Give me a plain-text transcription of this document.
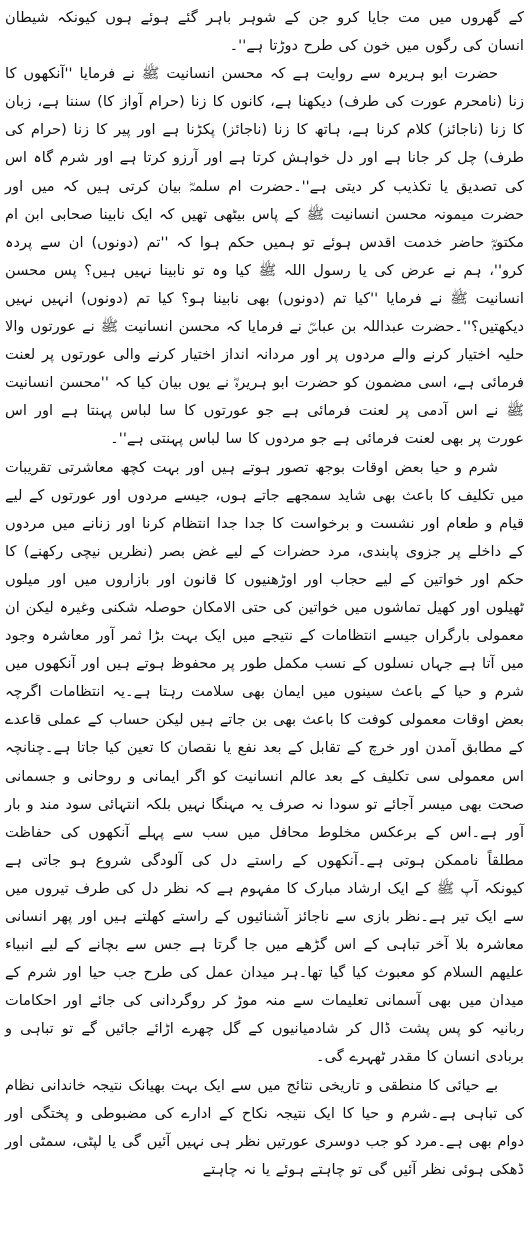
کے گھروں میں مت جایا کرو جن کے شوہر باہر گئے ہوئے ہوں کیونکہ شیطان انسان کی رگوں میں خون کی طرح دوڑتا ہے''۔

حضرت ابو ہریرہ سے روایت ہے کہ محسن انسانیت ﷺ نے فرمایا ''آنکھوں کا زنا (نامحرم عورت کی طرف) دیکھنا ہے، کانوں کا زنا (حرام آواز کا) سننا ہے، زبان کا زنا (ناجائز) کلام کرنا ہے، ہاتھ کا زنا (ناجائز) پکڑنا ہے اور پیر کا زنا (حرام کی طرف) چل کر جانا ہے اور دل خواہش کرتا ہے اور آرزو کرتا ہے اور شرم گاہ اس کی تصدیق یا تکذیب کر دیتی ہے''۔حضرت ام سلمہؓ بیان کرتی ہیں کہ میں اور حضرت میمونہ محسن انسانیت ﷺ کے پاس بیٹھی تھیں کہ ایک نابینا صحابی ابن ام مکتومؓ حاضر خدمت اقدس ہوئے تو ہمیں حکم ہوا کہ ''تم (دونوں) ان سے پردہ کرو''، ہم نے عرض کی یا رسول اللہ ﷺ کیا وہ تو نابینا نہیں ہیں؟ پس محسن انسانیت ﷺ نے فرمایا ''کیا تم (دونوں) بھی نابینا ہو؟ کیا تم (دونوں) انہیں نہیں دیکھتیں؟''۔حضرت عبداللہ بن عباسؓ نے فرمایا کہ محسن انسانیت ﷺ نے عورتوں والا حلیہ اختیار کرنے والے مردوں پر اور مردانہ انداز اختیار کرنے والی عورتوں پر لعنت فرمائی ہے، اسی مضمون کو حضرت ابو ہریرہؓ نے یوں بیان کیا کہ ''محسن انسانیت ﷺ نے اس آدمی پر لعنت فرمائی ہے جو عورتوں کا سا لباس پہنتا ہے اور اس عورت پر بھی لعنت فرمائی ہے جو مردوں کا سا لباس پہنتی ہے''۔

شرم و حیا بعض اوقات بوجھ تصور ہوتے ہیں اور بہت کچھ معاشرتی تقریبات میں تکلیف کا باعث بھی شاید سمجھے جاتے ہوں، جیسے مردوں اور عورتوں کے لیے قیام و طعام اور نشست و برخواست کا جدا جدا انتظام کرنا اور زنانے میں مردوں کے داخلے پر جزوی پابندی، مرد حضرات کے لیے غض بصر (نظریں نیچی رکھنے) کا حکم اور خواتین کے لیے حجاب اور اوڑھنیوں کا قانون اور بازاروں میں اور میلوں ٹھیلوں اور کھیل تماشوں میں خواتین کی حتی الامکان حوصلہ شکنی وغیرہ لیکن ان معمولی بارگراں جیسے انتظامات کے نتیجے میں ایک بہت بڑا ثمر آور معاشرہ وجود میں آتا ہے جہاں نسلوں کے نسب مکمل طور پر محفوظ ہوتے ہیں اور آنکھوں میں شرم و حیا کے باعث سینوں میں ایمان بھی سلامت رہتا ہے۔یہ انتظامات اگرچہ بعض اوقات معمولی کوفت کا باعث بھی بن جاتے ہیں لیکن حساب کے عملی قاعدے کے مطابق آمدن اور خرچ کے تقابل کے بعد نفع یا نقصان کا تعین کیا جاتا ہے۔چنانچہ اس معمولی سی تکلیف کے بعد عالم انسانیت کو اگر ایمانی و روحانی و جسمانی صحت بھی میسر آجائے تو سودا نہ صرف یہ مہنگا نہیں بلکہ انتہائی سود مند و بار آور ہے۔اس کے برعکس مخلوط محافل میں سب سے پہلے آنکھوں کی حفاظت مطلقاً ناممکن ہوتی ہے۔آنکھوں کے راستے دل کی آلودگی شروع ہو جاتی ہے کیونکہ آپ ﷺ کے ایک ارشاد مبارک کا مفہوم ہے کہ نظر دل کی طرف تیروں میں سے ایک تیر ہے۔نظر بازی سے ناجائز آشنائیوں کے راستے کھلتے ہیں اور پھر انسانی معاشرہ بلا آخر تباہی کے اس گڑھے میں جا گرتا ہے جس سے بچانے کے لیے انبیاء علیھم السلام کو معبوث کیا گیا تھا۔ہر میدان عمل کی طرح جب حیا اور شرم کے میدان میں بھی آسمانی تعلیمات سے منہ موڑ کر روگردانی کی جائے اور احکامات ربانیہ کو پس پشت ڈال کر شادمیانیوں کے گل چھرے اڑائے جائیں گے تو تباہی و بربادی انسان کا مقدر ٹھہرے گی۔

بے حیائی کا منطقی و تاریخی نتائج میں سے ایک بہت بھیانک نتیجہ خاندانی نظام کی تباہی ہے۔شرم و حیا کا ایک نتیجہ نکاح کے ادارے کی مضبوطی و پختگی اور دوام بھی ہے۔مرد کو جب دوسری عورتیں نظر ہی نہیں آئیں گی یا لپٹی، سمٹی اور ڈھکی ہوئی نظر آئیں گی تو چاہتے ہوئے یا نہ چاہتے
